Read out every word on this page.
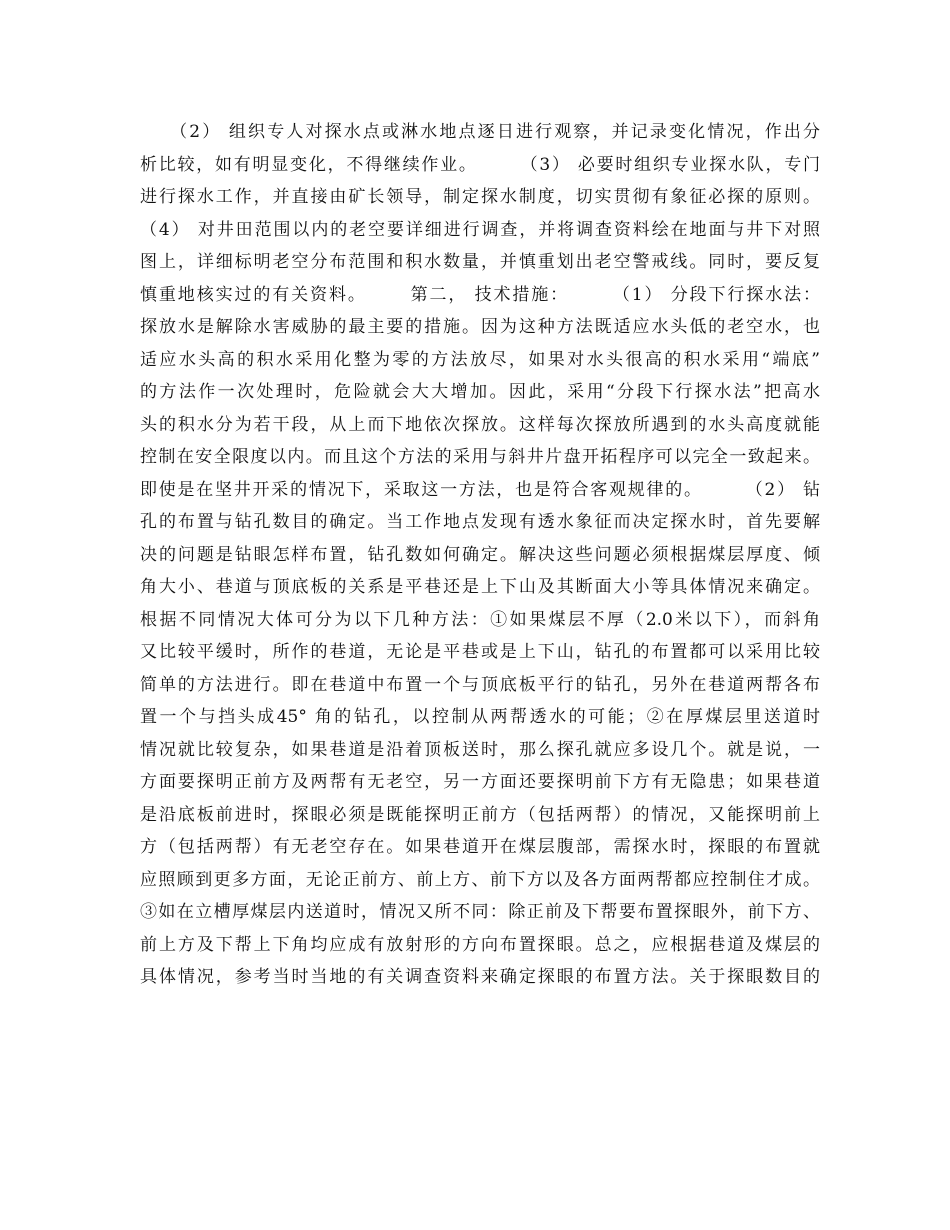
（2） 组织专人对探水点或淋水地点逐日进行观察，并记录变化情况，作出分
析比较，如有明显变化，不得继续作业。      （3） 必要时组织专业探水队，专门
进行探水工作，并直接由矿长领导，制定探水制度，切实贯彻有象征必探的原则。
（4） 对井田范围以内的老空要详细进行调查，并将调查资料绘在地面与井下对照
图上，详细标明老空分布范围和积水数量，并慎重划出老空警戒线。同时，要反复
慎重地核实过的有关资料。      第二， 技术措施：      （1） 分段下行探水法：
探放水是解除水害威胁的最主要的措施。因为这种方法既适应水头低的老空水，也
适应水头高的积水采用化整为零的方法放尽，如果对水头很高的积水采用“端底”
的方法作一次处理时，危险就会大大增加。因此，采用“分段下行探水法”把高水
头的积水分为若干段，从上而下地依次探放。这样每次探放所遇到的水头高度就能
控制在安全限度以内。而且这个方法的采用与斜井片盘开拓程序可以完全一致起来。
即使是在坚井开采的情况下，采取这一方法，也是符合客观规律的。      （2） 钻
孔的布置与钻孔数目的确定。当工作地点发现有透水象征而决定探水时，首先要解
决的问题是钻眼怎样布置，钻孔数如何确定。解决这些问题必须根据煤层厚度、倾
角大小、巷道与顶底板的关系是平巷还是上下山及其断面大小等具体情况来确定。
根据不同情况大体可分为以下几种方法：①如果煤层不厚（2.0米以下），而斜角
又比较平缓时，所作的巷道，无论是平巷或是上下山，钻孔的布置都可以采用比较
简单的方法进行。即在巷道中布置一个与顶底板平行的钻孔，另外在巷道两帮各布
置一个与挡头成45° 角的钻孔，以控制从两帮透水的可能；②在厚煤层里送道时
情况就比较复杂，如果巷道是沿着顶板送时，那么探孔就应多设几个。就是说，一
方面要探明正前方及两帮有无老空，另一方面还要探明前下方有无隐患；如果巷道
是沿底板前进时，探眼必须是既能探明正前方（包括两帮）的情况，又能探明前上
方（包括两帮）有无老空存在。如果巷道开在煤层腹部，需探水时，探眼的布置就
应照顾到更多方面，无论正前方、前上方、前下方以及各方面两帮都应控制住才成。
③如在立槽厚煤层内送道时，情况又所不同：除正前及下帮要布置探眼外，前下方、
前上方及下帮上下角均应成有放射形的方向布置探眼。总之，应根据巷道及煤层的
具体情况，参考当时当地的有关调查资料来确定探眼的布置方法。关于探眼数目的
